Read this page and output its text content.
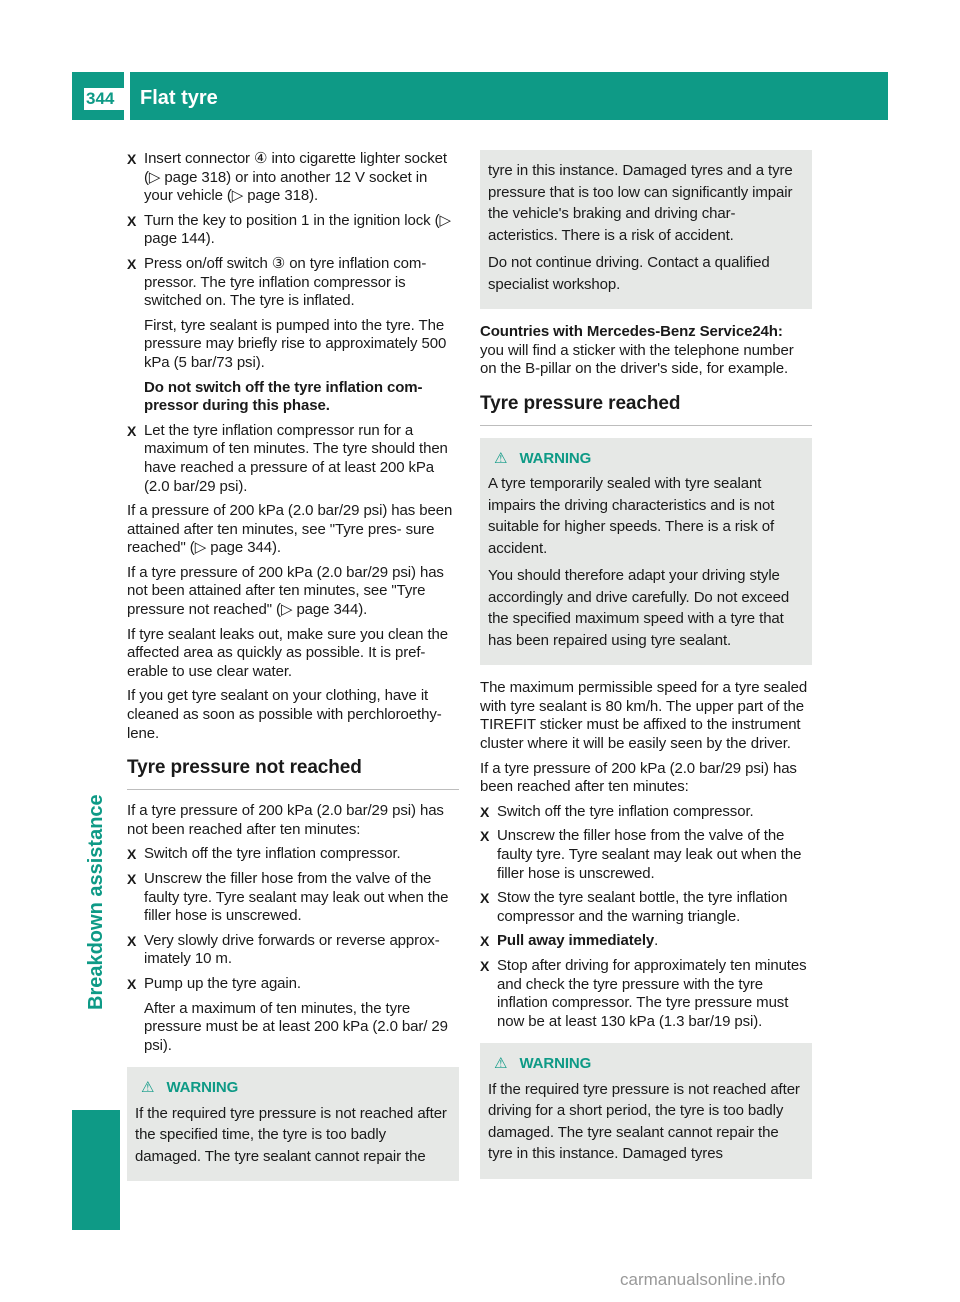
344	Flat tyre
Breakdown assistance
X Insert connector ④ into cigarette lighter socket (▷ page 318) or into another 12 V socket in your vehicle (▷ page 318).
X Turn the key to position 1 in the ignition lock (▷ page 144).
X Press on/off switch ③ on tyre inflation com- pressor. The tyre inflation compressor is switched on. The tyre is inflated.
First, tyre sealant is pumped into the tyre. The pressure may briefly rise to approximately 500 kPa (5 bar/73 psi).
Do not switch off the tyre inflation com- pressor during this phase.
X Let the tyre inflation compressor run for a maximum of ten minutes. The tyre should then have reached a pressure of at least 200 kPa (2.0 bar/29 psi).

If a pressure of 200 kPa (2.0 bar/29 psi) has been attained after ten minutes, see "Tyre pres- sure reached" (▷ page 344).

If a tyre pressure of 200 kPa (2.0 bar/29 psi) has not been attained after ten minutes, see "Tyre pressure not reached" (▷ page 344).

If tyre sealant leaks out, make sure you clean the affected area as quickly as possible. It is pref- erable to use clear water.

If you get tyre sealant on your clothing, have it cleaned as soon as possible with perchloroethy- lene.

Tyre pressure not reached

If a tyre pressure of 200 kPa (2.0 bar/29 psi) has not been reached after ten minutes:

X Switch off the tyre inflation compressor.
X Unscrew the filler hose from the valve of the faulty tyre. Tyre sealant may leak out when the filler hose is unscrewed.
X Very slowly drive forwards or reverse approx- imately 10 m.
X Pump up the tyre again.
After a maximum of ten minutes, the tyre pressure must be at least 200 kPa (2.0 bar/ 29 psi).
⚠ WARNING

If the required tyre pressure is not reached after the specified time, the tyre is too badly damaged. The tyre sealant cannot repair the

tyre in this instance. Damaged tyres and a tyre pressure that is too low can significantly impair the vehicle's braking and driving char- acteristics. There is a risk of accident.

Do not continue driving. Contact a qualified specialist workshop.

Countries with Mercedes-Benz Service24h:

you will find a sticker with the telephone number on the B-pillar on the driver's side, for example.

Tyre pressure reached
⚠ WARNING

A tyre temporarily sealed with tyre sealant impairs the driving characteristics and is not suitable for higher speeds. There is a risk of accident.

You should therefore adapt your driving style accordingly and drive carefully. Do not exceed the specified maximum speed with a tyre that has been repaired using tyre sealant.

The maximum permissible speed for a tyre sealed with tyre sealant is 80 km/h. The upper part of the TIREFIT sticker must be affixed to the instrument cluster where it will be easily seen by the driver.

If a tyre pressure of 200 kPa (2.0 bar/29 psi) has been reached after ten minutes:

X Switch off the tyre inflation compressor.
X Unscrew the filler hose from the valve of the faulty tyre. Tyre sealant may leak out when the filler hose is unscrewed.
X Stow the tyre sealant bottle, the tyre inflation compressor and the warning triangle.
X Pull away immediately.
X Stop after driving for approximately ten minutes and check the tyre pressure with the tyre inflation compressor. The tyre pressure must now be at least 130 kPa (1.3 bar/19 psi).
⚠ WARNING

If the required tyre pressure is not reached after driving for a short period, the tyre is too badly damaged. The tyre sealant cannot repair the tyre in this instance. Damaged tyres

carmanualsonline.info
